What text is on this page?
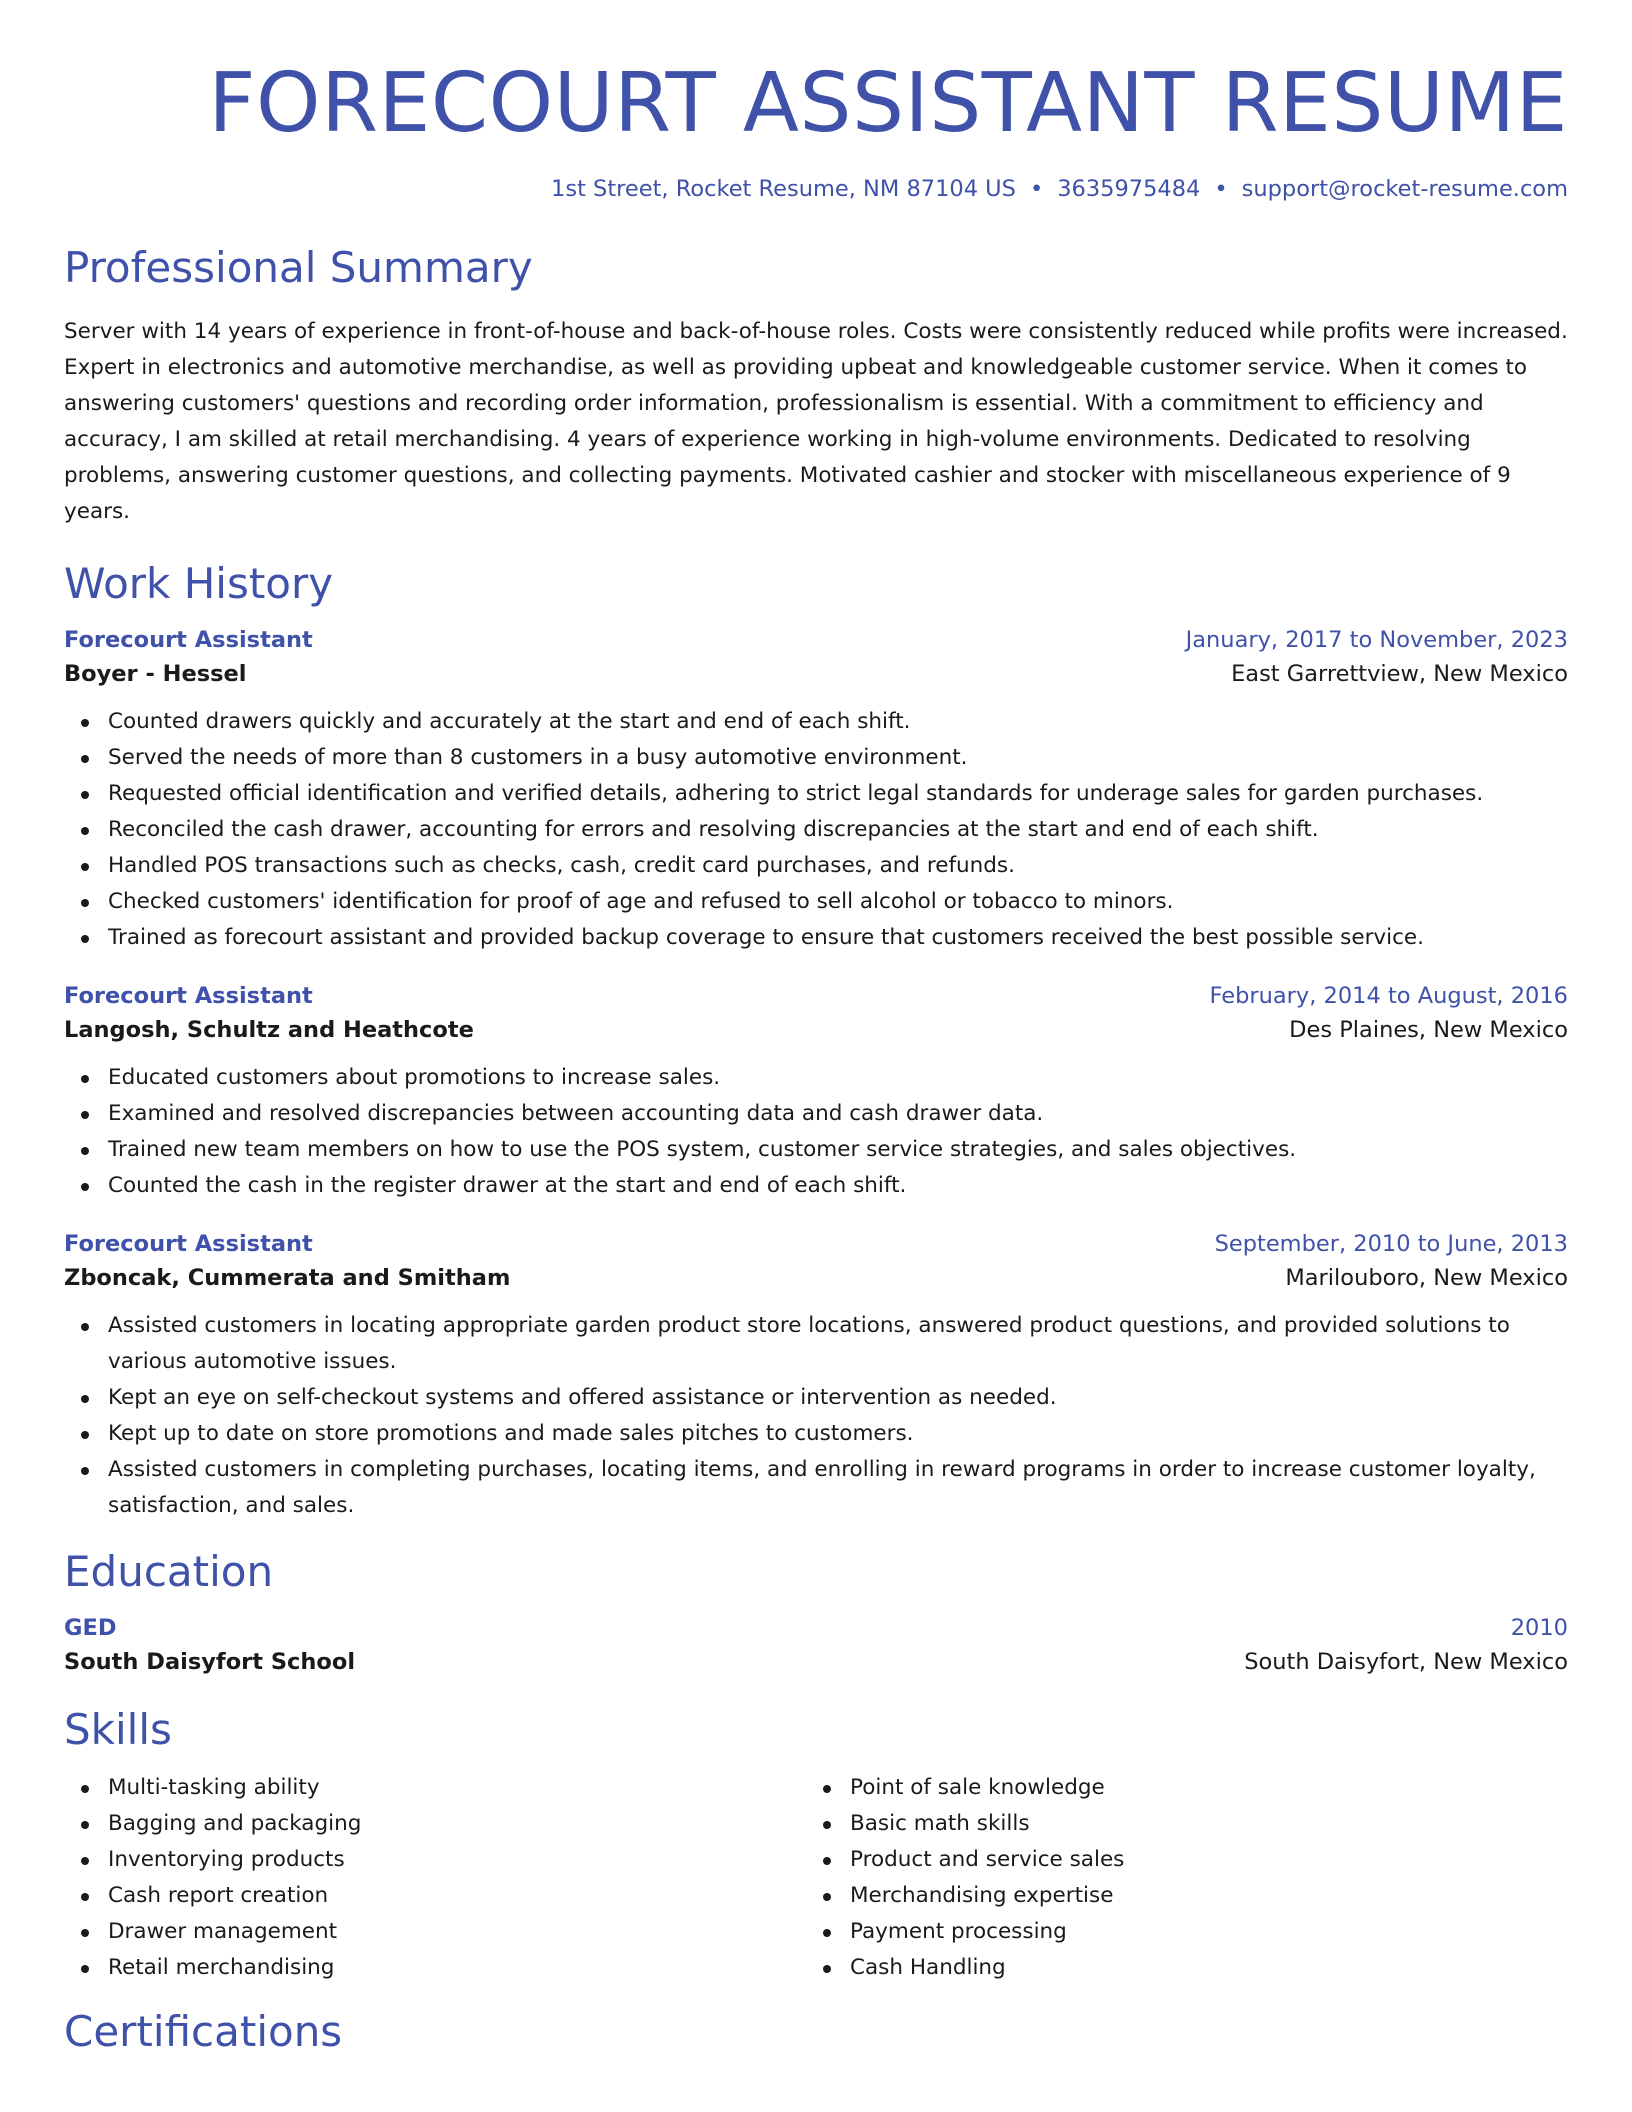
FORECOURT ASSISTANT RESUME
1st Street, Rocket Resume, NM 87104 US • 3635975484 • support@rocket-resume.com
Professional Summary
Server with 14 years of experience in front-of-house and back-of-house roles. Costs were consistently reduced while profits were increased. Expert in electronics and automotive merchandise, as well as providing upbeat and knowledgeable customer service. When it comes to answering customers' questions and recording order information, professionalism is essential. With a commitment to efficiency and accuracy, I am skilled at retail merchandising. 4 years of experience working in high-volume environments. Dedicated to resolving problems, answering customer questions, and collecting payments. Motivated cashier and stocker with miscellaneous experience of 9 years.
Work History
Forecourt Assistant	January, 2017 to November, 2023
Boyer - Hessel	East Garrettview, New Mexico
Counted drawers quickly and accurately at the start and end of each shift.
Served the needs of more than 8 customers in a busy automotive environment.
Requested official identification and verified details, adhering to strict legal standards for underage sales for garden purchases.
Reconciled the cash drawer, accounting for errors and resolving discrepancies at the start and end of each shift.
Handled POS transactions such as checks, cash, credit card purchases, and refunds.
Checked customers' identification for proof of age and refused to sell alcohol or tobacco to minors.
Trained as forecourt assistant and provided backup coverage to ensure that customers received the best possible service.
Forecourt Assistant	February, 2014 to August, 2016
Langosh, Schultz and Heathcote	Des Plaines, New Mexico
Educated customers about promotions to increase sales.
Examined and resolved discrepancies between accounting data and cash drawer data.
Trained new team members on how to use the POS system, customer service strategies, and sales objectives.
Counted the cash in the register drawer at the start and end of each shift.
Forecourt Assistant	September, 2010 to June, 2013
Zboncak, Cummerata and Smitham	Marilouboro, New Mexico
Assisted customers in locating appropriate garden product store locations, answered product questions, and provided solutions to various automotive issues.
Kept an eye on self-checkout systems and offered assistance or intervention as needed.
Kept up to date on store promotions and made sales pitches to customers.
Assisted customers in completing purchases, locating items, and enrolling in reward programs in order to increase customer loyalty, satisfaction, and sales.
Education
GED	2010
South Daisyfort School	South Daisyfort, New Mexico
Skills
Multi-tasking ability
Bagging and packaging
Inventorying products
Cash report creation
Drawer management
Retail merchandising
Point of sale knowledge
Basic math skills
Product and service sales
Merchandising expertise
Payment processing
Cash Handling
Certifications
